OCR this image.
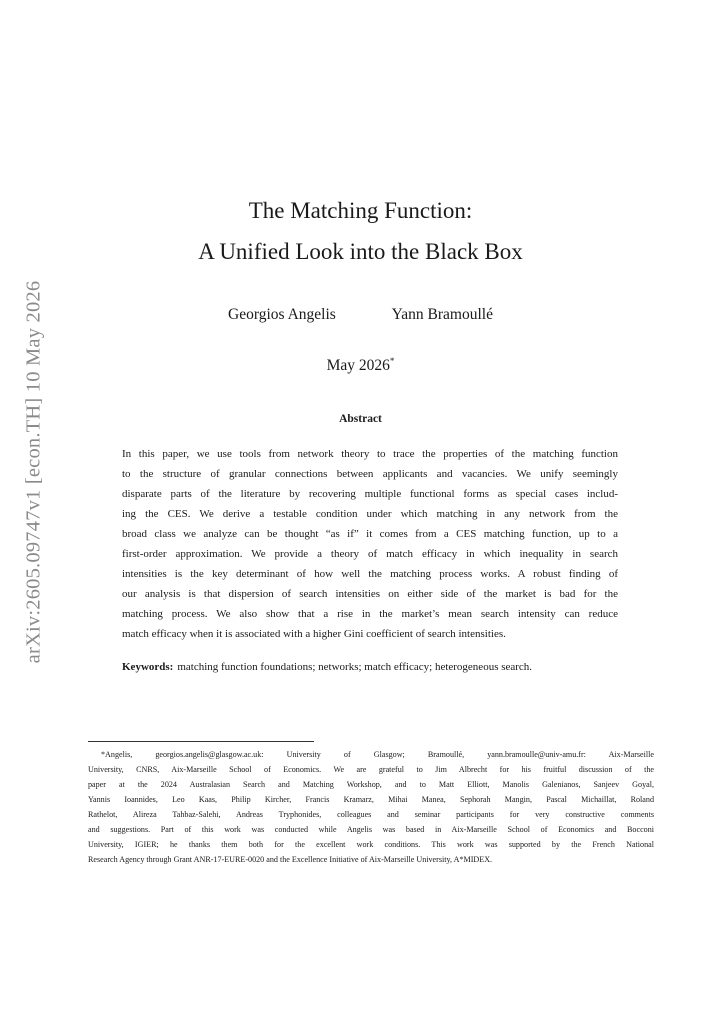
arXiv:2605.09747v1 [econ.TH] 10 May 2026
The Matching Function:
A Unified Look into the Black Box
Georgios Angelis	Yann Bramoullé
May 2026*
Abstract
In this paper, we use tools from network theory to trace the properties of the matching function
to the structure of granular connections between applicants and vacancies. We unify seemingly
disparate parts of the literature by recovering multiple functional forms as special cases includ-
ing the CES. We derive a testable condition under which matching in any network from the
broad class we analyze can be thought “as if” it comes from a CES matching function, up to a
first-order approximation. We provide a theory of match efficacy in which inequality in search
intensities is the key determinant of how well the matching process works. A robust finding of
our analysis is that dispersion of search intensities on either side of the market is bad for the
matching process. We also show that a rise in the market’s mean search intensity can reduce
match efficacy when it is associated with a higher Gini coefficient of search intensities.
Keywords: matching function foundations; networks; match efficacy; heterogeneous search.
*Angelis, georgios.angelis@glasgow.ac.uk: University of Glasgow; Bramoullé, yann.bramoulle@univ-amu.fr: Aix-Marseille
University, CNRS, Aix-Marseille School of Economics. We are grateful to Jim Albrecht for his fruitful discussion of the
paper at the 2024 Australasian Search and Matching Workshop, and to Matt Elliott, Manolis Galenianos, Sanjeev Goyal,
Yannis Ioannides, Leo Kaas, Philip Kircher, Francis Kramarz, Mihai Manea, Sephorah Mangin, Pascal Michaillat, Roland
Rathelot, Alireza Tahbaz-Salehi, Andreas Tryphonides, colleagues and seminar participants for very constructive comments
and suggestions. Part of this work was conducted while Angelis was based in Aix-Marseille School of Economics and Bocconi
University, IGIER; he thanks them both for the excellent work conditions. This work was supported by the French National
Research Agency through Grant ANR-17-EURE-0020 and the Excellence Initiative of Aix-Marseille University, A*MIDEX.
